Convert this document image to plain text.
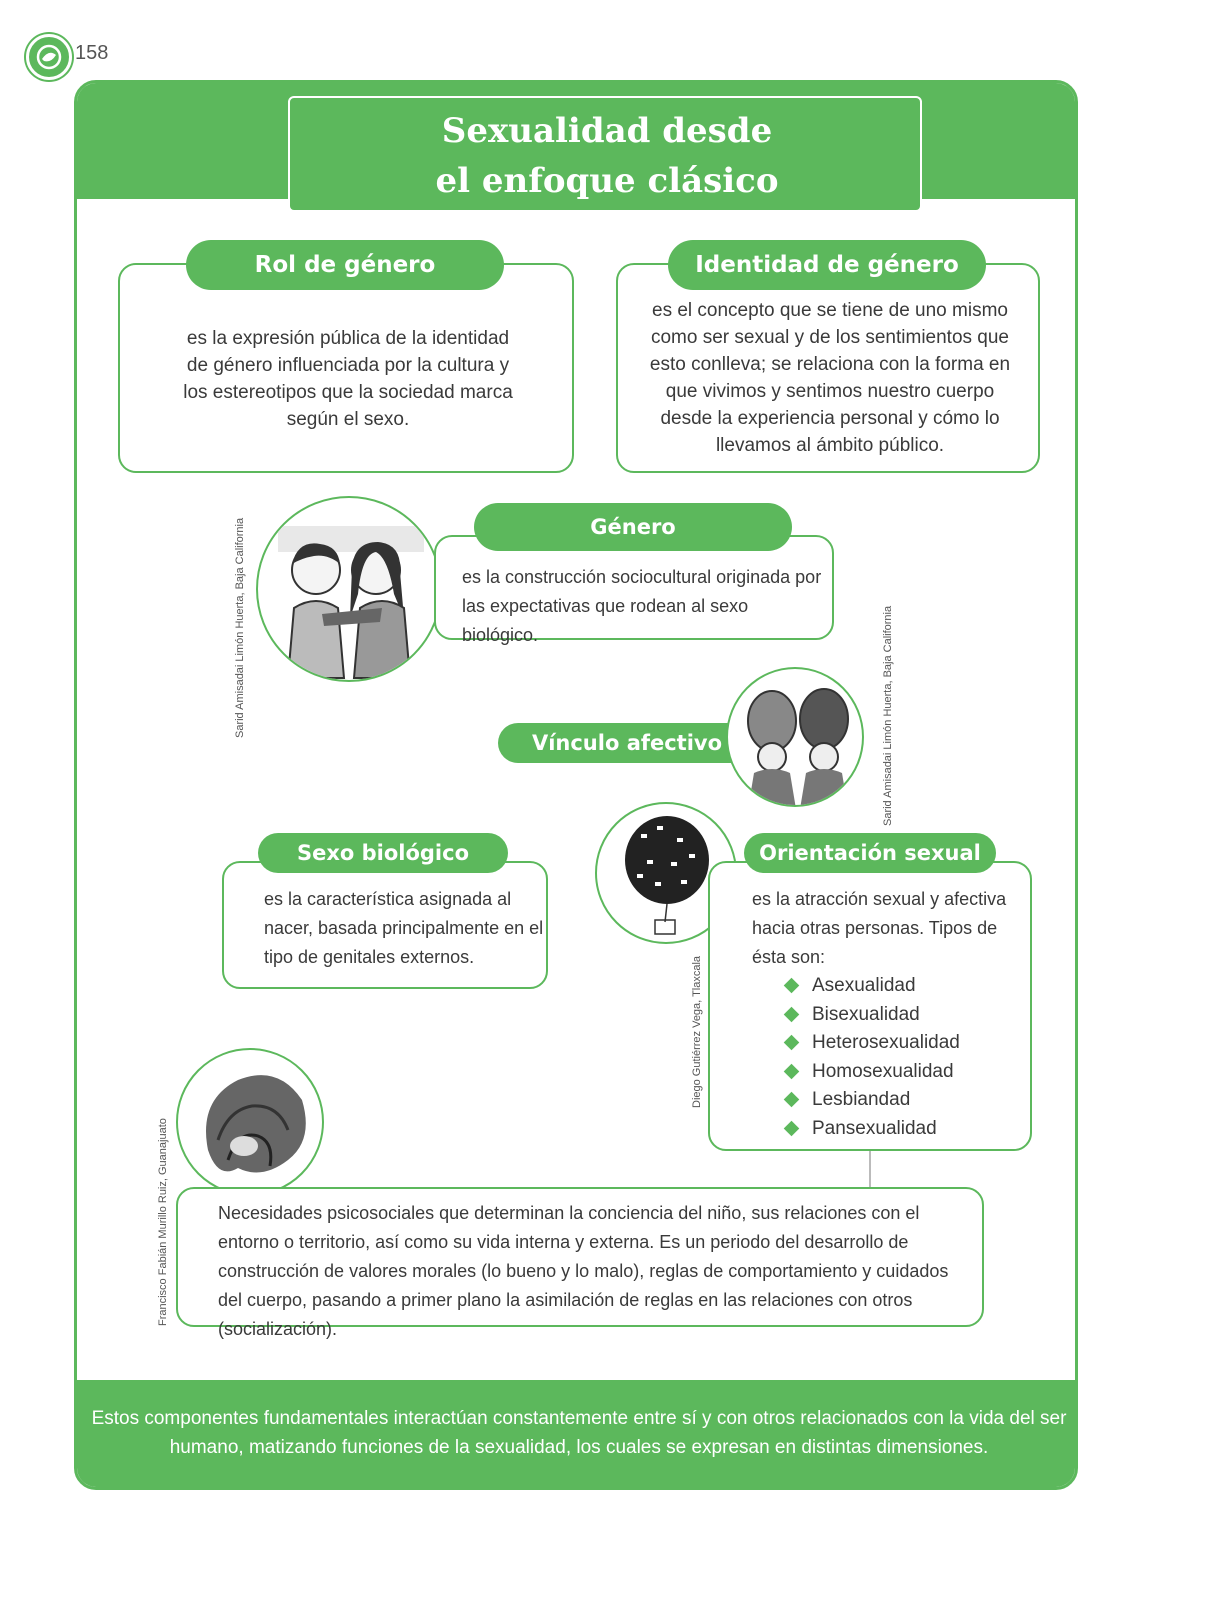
158
Estos componentes fundamentales interactúan constantemente entre sí y con otros relacionados con la vida del ser humano, matizando funciones de la sexualidad, los cuales se expresan en distintas dimensiones.
Sexualidad desde
el enfoque clásico
es la expresión pública de la identidad de género influenciada por la cultura y los estereotipos que la sociedad marca según el sexo.
Rol de género
es el concepto que se tiene de uno mismo como ser sexual y de los sentimientos que esto conlleva; se relaciona con la forma en que vivimos y sentimos nuestro cuerpo desde la experiencia personal y cómo lo llevamos al ámbito público.
Identidad de género
Sarid Amisadai Limón Huerta, Baja California	es la construcción sociocultural originada por las expectativas que rodean al sexo biológico.
Género
Vínculo afectivo	Sarid Amisadai Limón Huerta, Baja California
Diego Gutiérrez Vega, Tlaxcala
es la característica asignada al nacer, basada principalmente en el tipo de genitales externos.
Sexo biológico
es la atracción sexual y afectiva hacia otras personas. Tipos de ésta son:
Asexualidad
Bisexualidad
Heterosexualidad
Homosexualidad
Lesbiandad
Pansexualidad
Orientación sexual
Francisco Fabián Murillo Ruiz, Guanajuato	Necesidades psicosociales que determinan la conciencia del niño, sus relaciones con el entorno o territorio, así como su vida interna y externa. Es un periodo del desarrollo de construcción de valores morales (lo bueno y lo malo), reglas de comportamiento y cuidados del cuerpo, pasando a primer plano la asimilación de reglas en las relaciones con otros (socialización).
